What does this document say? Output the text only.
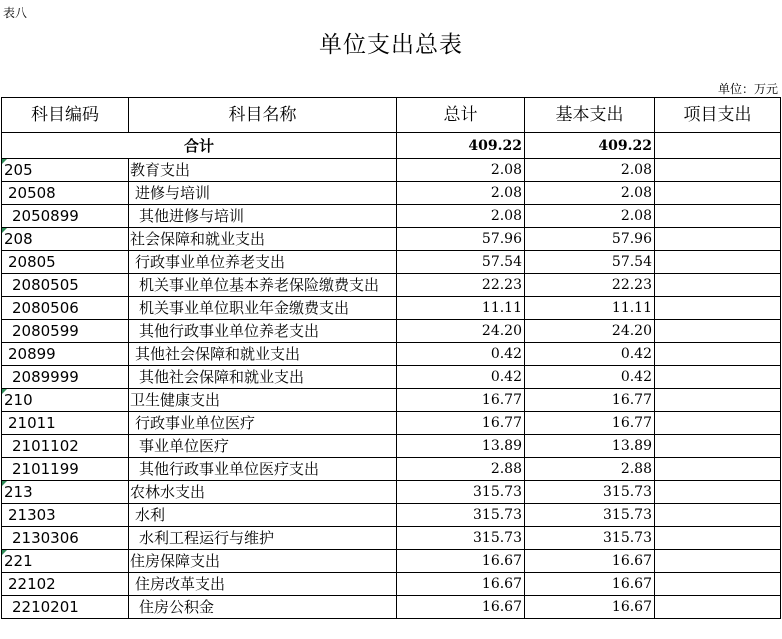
表八
单位支出总表
单位：万元
科目编码	科目名称	总计	基本支出	项目支出
合计		409.22	409.22	
205	教育支出	2.08	2.08	
20508	进修与培训	2.08	2.08	
2050899	其他进修与培训	2.08	2.08	
208	社会保障和就业支出	57.96	57.96	
20805	行政事业单位养老支出	57.54	57.54	
2080505	机关事业单位基本养老保险缴费支出	22.23	22.23	
2080506	机关事业单位职业年金缴费支出	11.11	11.11	
2080599	其他行政事业单位养老支出	24.20	24.20	
20899	其他社会保障和就业支出	0.42	0.42	
2089999	其他社会保障和就业支出	0.42	0.42	
210	卫生健康支出	16.77	16.77	
21011	行政事业单位医疗	16.77	16.77	
2101102	事业单位医疗	13.89	13.89	
2101199	其他行政事业单位医疗支出	2.88	2.88	
213	农林水支出	315.73	315.73	
21303	水利	315.73	315.73	
2130306	水利工程运行与维护	315.73	315.73	
221	住房保障支出	16.67	16.67	
22102	住房改革支出	16.67	16.67	
2210201	住房公积金	16.67	16.67	
